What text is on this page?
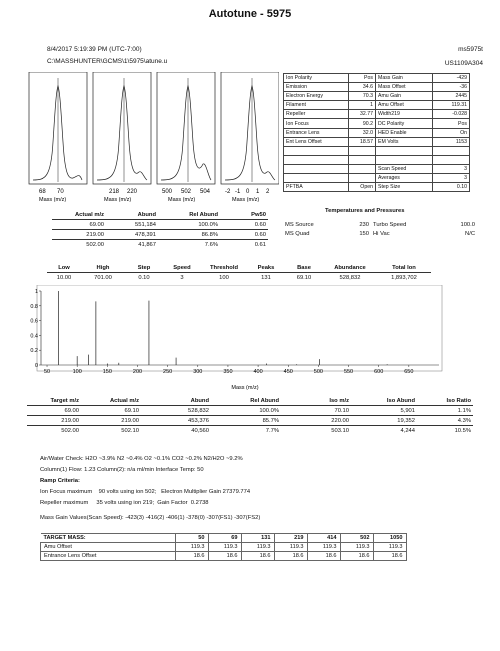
Autotune - 5975
8/4/2017 5:19:39 PM (UTC-7:00)
C:\MASSHUNTER\GCMS\1\5975\atune.u
ms5975t
US1109A304
68 70
Mass (m/z)
218 220
Mass (m/z)
500 502 504
Mass (m/z)
-2 -1 0 1 2
Mass (m/z)
Ion Polarity	Pos	Mass Gain	-429
Emission	34.6	Mass Offset	-36
Electron Energy	70.3	Amu Gain	2445
Filament	1	Amu Offset	119.31
Repeller	32.77	Width219	-0.028
Ion Focus	90.2	DC Polarity	Pos
Entrance Lens	32.0	HED Enable	On
Ent Lens Offset	18.57	EM Volts	1153

		Scan Speed	3
		Averages	3
PFTBA	Open	Step Size	0.10
Actual m/z	Abund	Rel Abund	Pw50
69.00	551,184	100.0%	0.60
219.00	478,391	86.8%	0.60
502.00	41,867	7.6%	0.61
Temperatures and Pressures
MS Source	230	Turbo Speed	100.0
MS Quad	150	Hi Vac	N/C
Low	High	Step	Speed	Threshold	Peaks	Base	Abundance	Total Ion
10.00	701.00	0.10	3	100	131	69.10	528,832	1,893,702
50	100	150	200	250	300	350	400	450	500	550	600	650
0
0.2
0.4
0.6
0.8
1
Mass (m/z)
Target m/z	Actual m/z	Abund	Rel Abund	Iso m/z	Iso Abund	Iso Ratio
69.00	69.10	528,832	100.0%	70.10	5,901	1.1%
219.00	219.00	453,376	85.7%	220.00	19,352	4.3%
502.00	502.10	40,560	7.7%	503.10	4,244	10.5%
Air/Water Check: H2O ~3.9% N2 ~0.4% O2 ~0.1% CO2 ~0.2% N2/H2O ~9.2%
Column(1) Flow: 1.23 Column(2): n/a ml/min Interface Temp: 50
Ramp Criteria:
Ion Focus maximum    90 volts using ion 502;   Electron Multiplier Gain 27379.774
Repeller maximum     35 volts using ion 219;  Gain Factor  0.2738
Mass Gain Values(Scan Speed): -423(3) -416(2) -406(1) -378(0) -307(FS1) -307(FS2)
TARGET MASS:	50	69	131	219	414	502	1050
Amu Offset	119.3	119.3	119.3	119.3	119.3	119.3	119.3
Entrance Lens Offset	18.6	18.6	18.6	18.6	18.6	18.6	18.6
